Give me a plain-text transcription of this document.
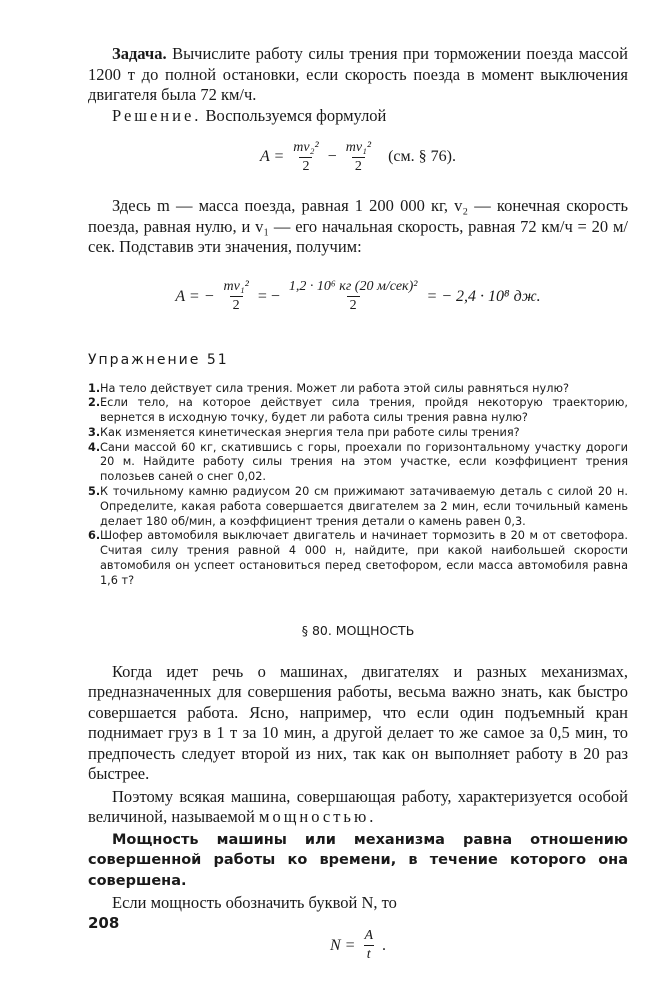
Задача. Вычислите работу силы трения при торможении поезда массой 1200 т до полной остановки, если скорость поезда в момент выключения двигателя была 72 км/ч.

Решение. Воспользуемся формулой

$A = \frac{\text{mv₂²}}{2} - \frac{\text{mv₁²}}{2} (см$. § 76).

Здесь m — масса поезда, равная 1 200 000 кг, v₂ — конечная скорость поезда, равная нулю, и v₁ — его начальная скорость, равная 72 км/ч = 20 м/сек. Подставив эти значения, получим:

A = − $\frac{\text{mv₁²}}{2}$ = − $\frac{\text{1,2 · 10⁶ кг (20 м/сек)²}}{2}$ = − 2,4 · 10⁸ дж.

Упражнение 51

1. На тело действует сила трения. Может ли работа этой силы равняться нулю?
2. Если тело, на которое действует сила трения, пройдя некоторую траекторию, вернется в исходную точку, будет ли работа силы трения равна нулю?
3. Как изменяется кинетическая энергия тела при работе силы трения?
4. Сани массой 60 кг, скатившись с горы, проехали по горизонтальному участку дороги 20 м. Найдите работу силы трения на этом участке, если коэффициент трения полозьев саней о снег 0,02.
5. К точильному камню радиусом 20 см прижимают затачиваемую деталь с силой 20 н. Определите, какая работа совершается двигателем за 2 мин, если точильный камень делает 180 об/мин, а коэффициент трения детали о камень равен 0,3.
6. Шофер автомобиля выключает двигатель и начинает тормозить в 20 м от светофора. Считая силу трения равной 4 000 н, найдите, при какой наибольшей скорости автомобиля он успеет остановиться перед светофором, если масса автомобиля равна 1,6 т?

§ 80. МОЩНОСТЬ

Когда идет речь о машинах, двигателях и разных механизмах, предназначенных для совершения работы, весьма важно знать, как быстро совершается работа. Ясно, например, что если один подъемный кран поднимает груз в 1 т за 10 мин, а другой делает то же самое за 0,5 мин, то предпочесть следует второй из них, так как он выполняет работу в 20 раз быстрее.

Поэтому всякая машина, совершающая работу, характеризуется особой величиной, называемой мощностью.

Мощность машины или механизма равна отношению совершенной работы ко времени, в течение которого она совершена.

Если мощность обозначить буквой N, то

$N = \frac{A}{t}$ .
208
